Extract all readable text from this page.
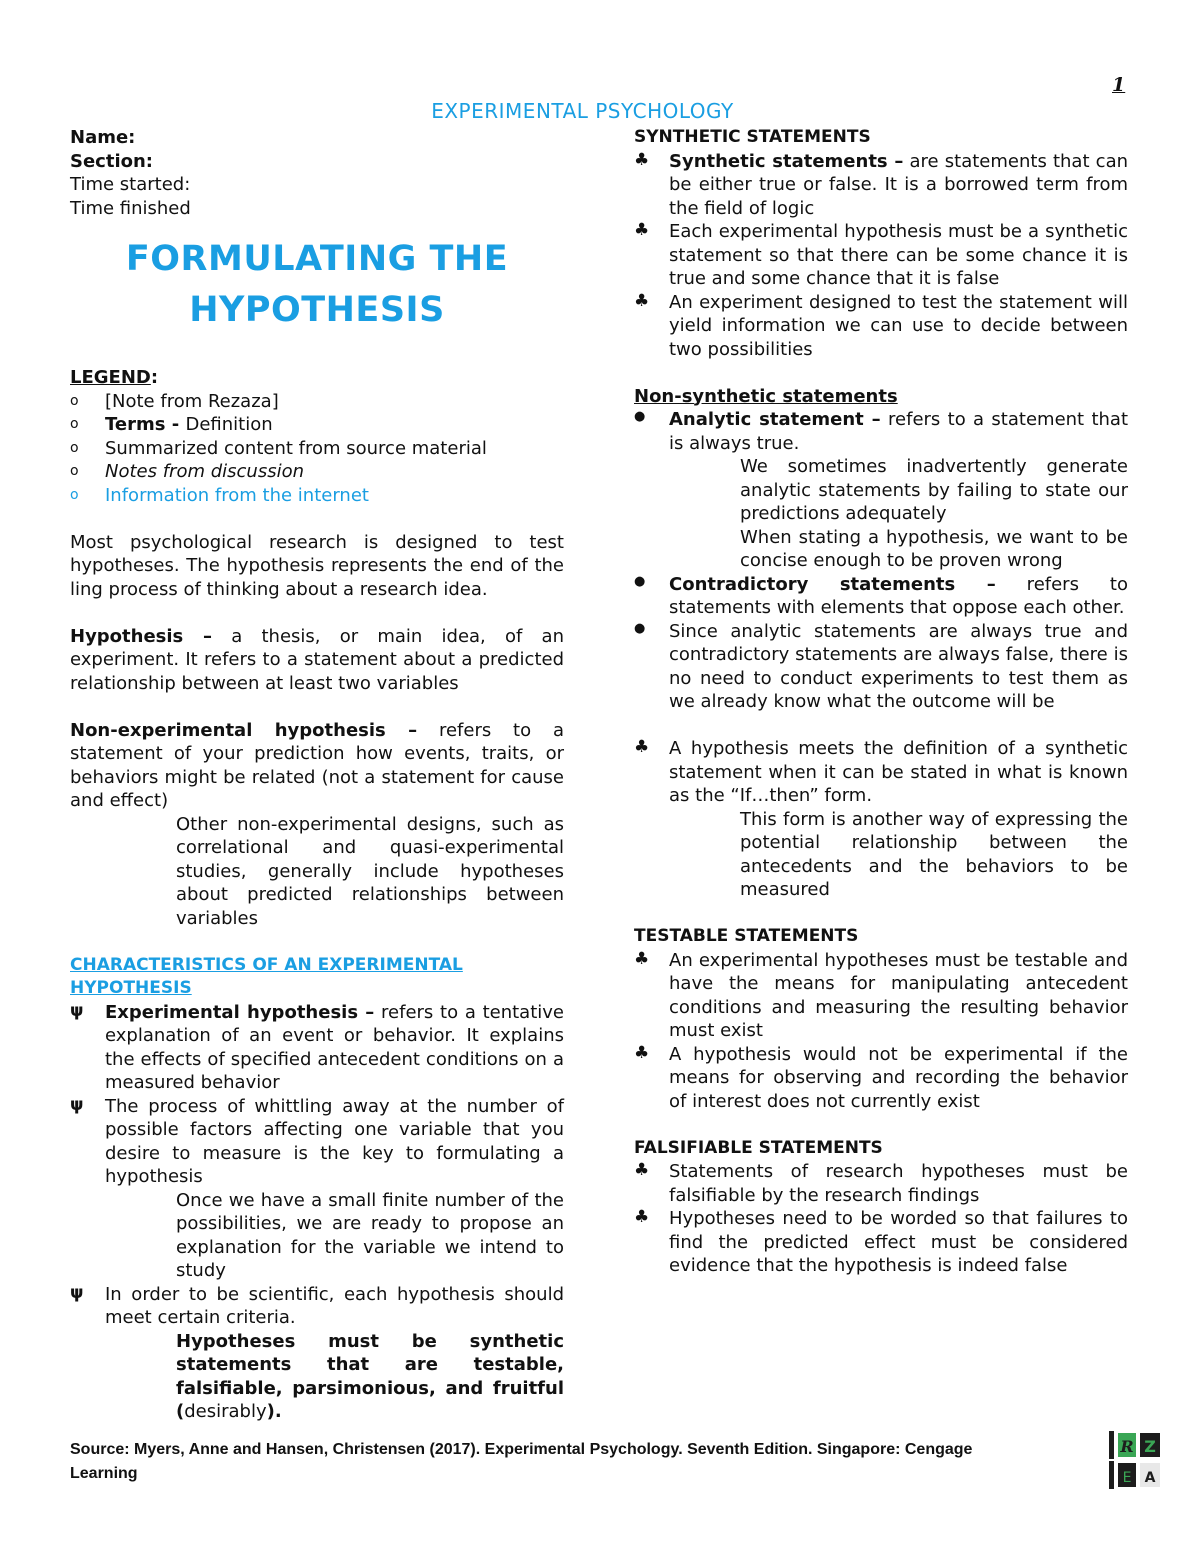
1
EXPERIMENTAL PSYCHOLOGY

Name:

Section:

Time started:

Time finished

FORMULATING THE
HYPOTHESIS

LEGEND:

o [Note from Rezaza]
o Terms - Definition
o Summarized content from source material
o Notes from discussion
o Information from the internet

Most psychological research is designed to test hypotheses. The hypothesis represents the end of the ling process of thinking about a research idea.

Hypothesis – a thesis, or main idea, of an experiment. It refers to a statement about a predicted relationship between at least two variables

Non-experimental hypothesis – refers to a statement of your prediction how events, traits, or behaviors might be related (not a statement for cause and effect)

Other non-experimental designs, such as correlational and quasi-experimental studies, generally include hypotheses about predicted relationships between variables

CHARACTERISTICS OF AN EXPERIMENTAL HYPOTHESIS

ψ	Experimental hypothesis – refers to a tentative explanation of an event or behavior. It explains the effects of specified antecedent conditions on a measured behavior

ψ	The process of whittling away at the number of possible factors affecting one variable that you desire to measure is the key to formulating a hypothesis

Once we have a small finite number of the possibilities, we are ready to propose an explanation for the variable we intend to study

ψ	In order to be scientific, each hypothesis should meet certain criteria.

Hypotheses must be synthetic statements that are testable, falsifiable, parsimonious, and fruitful (desirably).

SYNTHETIC STATEMENTS

♣ Synthetic statements – are statements that can be either true or false. It is a borrowed term from the field of logic

♣ Each experimental hypothesis must be a synthetic statement so that there can be some chance it is true and some chance that it is false

♣ An experiment designed to test the statement will yield information we can use to decide between two possibilities

Non-synthetic statements

●	Analytic statement – refers to a statement that is always true.

We sometimes inadvertently generate analytic statements by failing to state our predictions adequately

When stating a hypothesis, we want to be concise enough to be proven wrong

●	Contradictory statements – refers to statements with elements that oppose each other.

●	Since analytic statements are always true and contradictory statements are always false, there is no need to conduct experiments to test them as we already know what the outcome will be

♣ A hypothesis meets the definition of a synthetic statement when it can be stated in what is known as the “If…then” form.

This form is another way of expressing the potential relationship between the antecedents and the behaviors to be measured

TESTABLE STATEMENTS

♣ An experimental hypotheses must be testable and have the means for manipulating antecedent conditions and measuring the resulting behavior must exist

♣ A hypothesis would not be experimental if the means for observing and recording the behavior of interest does not currently exist

FALSIFIABLE STATEMENTS

♣ Statements of research hypotheses must be falsifiable by the research findings

♣ Hypotheses need to be worded so that failures to find the predicted effect must be considered evidence that the hypothesis is indeed false

Source: Myers, Anne and Hansen, Christensen (2017). Experimental Psychology. Seventh Edition. Singapore: Cengage Learning
R Z
E A
